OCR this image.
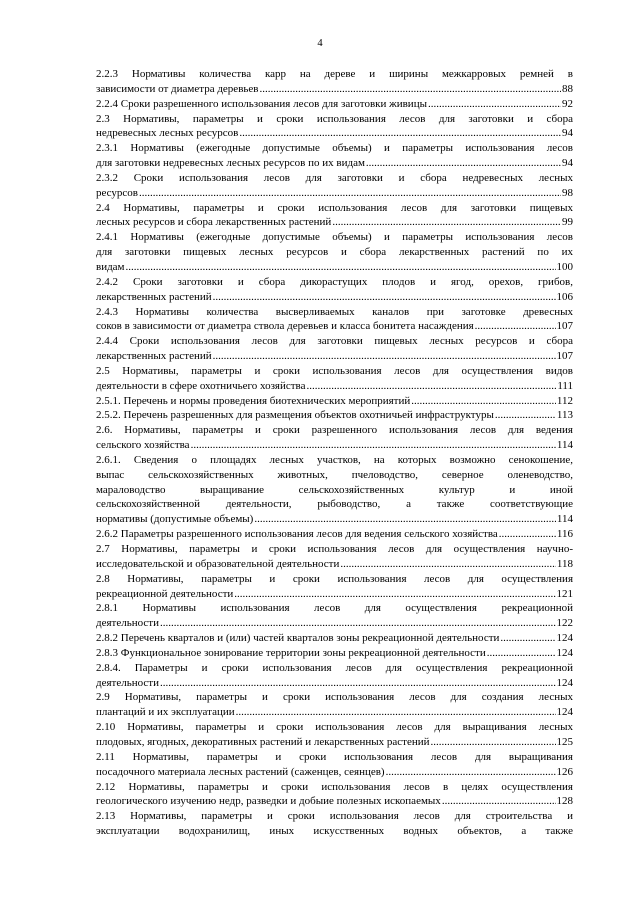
4
2.2.3 Нормативы количества карр на дереве и ширины межкарровых ремней в
зависимости от диаметра деревьев .....	88
2.2.4 Сроки разрешенного использования лесов для заготовки живицы .....	92
2.3 Нормативы, параметры и сроки использования лесов для заготовки и сбора
недревесных лесных ресурсов .....	94
2.3.1 Нормативы (ежегодные допустимые объемы) и параметры использования лесов
для заготовки недревесных лесных ресурсов по их видам .....	94
2.3.2 Сроки использования лесов для заготовки и сбора недревесных лесных
ресурсов .....	98
2.4 Нормативы, параметры и сроки использования лесов для заготовки пищевых
лесных ресурсов и сбора лекарственных растений .....	99
2.4.1 Нормативы (ежегодные допустимые объемы) и параметры использования лесов
для заготовки пищевых лесных ресурсов и сбора лекарственных растений по их
видам .....	100
2.4.2 Сроки заготовки и сбора дикорастущих плодов и ягод, орехов, грибов,
лекарственных растений .....	106
2.4.3 Нормативы количества высверливаемых каналов при заготовке древесных
соков в зависимости от диаметра ствола деревьев и класса бонитета насаждения .....	107
2.4.4 Сроки использования лесов для заготовки пищевых лесных ресурсов и сбора
лекарственных растений .....	107
2.5 Нормативы, параметры и сроки использования лесов для осуществления видов
деятельности в сфере охотничьего хозяйства .....	111
2.5.1. Перечень и нормы проведения биотехнических мероприятий .....	112
2.5.2. Перечень разрешенных для размещения объектов охотничьей инфраструктуры .....	113
2.6. Нормативы, параметры и сроки разрешенного использования лесов для ведения
сельского хозяйства .....	114
2.6.1. Сведения о площадях лесных участков, на которых возможно сенокошение,
выпас сельскохозяйственных животных, пчеловодство, северное оленеводство,
мараловодство выращивание сельскохозяйственных культур и иной
сельскохозяйственной деятельности, рыбоводство, а также соответствующие
нормативы (допустимые объемы) .....	114
2.6.2 Параметры разрешенного использования лесов для ведения сельского хозяйства .....	116
2.7 Нормативы, параметры и сроки использования лесов для осуществления научно-
исследовательской и образовательной деятельности .....	118
2.8 Нормативы, параметры и сроки использования лесов для осуществления
рекреационной деятельности .....	121
2.8.1 Нормативы использования лесов для осуществления рекреационной
деятельности .....	122
2.8.2 Перечень кварталов и (или) частей кварталов зоны рекреационной деятельности .....	124
2.8.3 Функциональное зонирование территории зоны рекреационной деятельности .....	124
2.8.4. Параметры и сроки использования лесов для осуществления рекреационной
деятельности .....	124
2.9 Нормативы, параметры и сроки использования лесов для создания лесных
плантаций и их эксплуатации .....	124
2.10 Нормативы, параметры и сроки использования лесов для выращивания лесных
плодовых, ягодных, декоративных растений и лекарственных растений .....	125
2.11 Нормативы, параметры и сроки использования лесов для выращивания
посадочного материала лесных растений (саженцев, сеянцев) .....	126
2.12 Нормативы, параметры и сроки использования лесов в целях осуществления
геологического изучению недр, разведки и добыие полезных ископаемых .....	128
2.13 Нормативы, параметры и сроки использования лесов для строительства и
эксплуатации водохранилищ, иных искусственных водных объектов, а также
